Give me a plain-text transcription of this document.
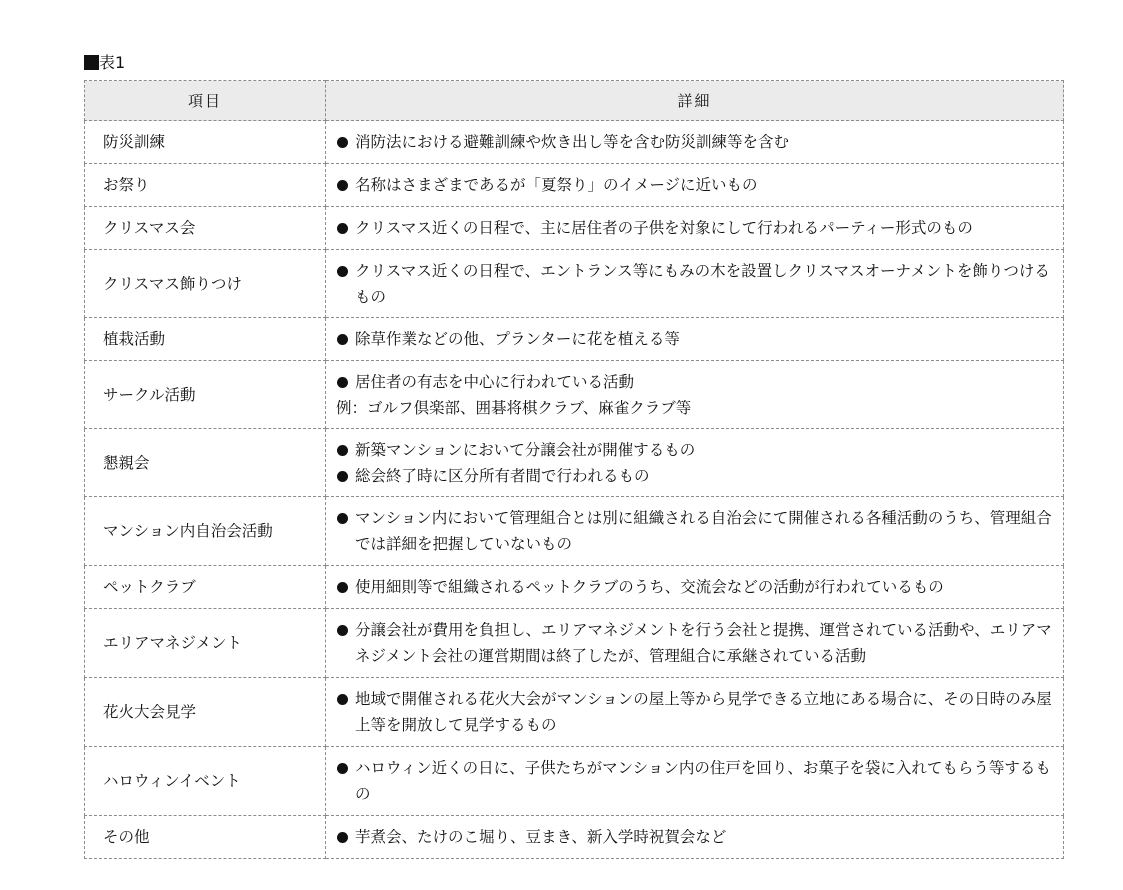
表1
項目	詳細
防災訓練	消防法における避難訓練や炊き出し等を含む防災訓練等を含む

お祭り	名称はさまざまであるが「夏祭り」のイメージに近いもの

クリスマス会	クリスマス近くの日程で、主に居住者の子供を対象にして行われるパーティー形式のもの

クリスマス飾りつけ	クリスマス近くの日程で、エントランス等にもみの木を設置しクリスマスオーナメントを飾りつけるもの

植栽活動	除草作業などの他、プランターに花を植える等

サークル活動	居住者の有志を中心に行われている活動
例：ゴルフ倶楽部、囲碁将棋クラブ、麻雀クラブ等

懇親会	新築マンションにおいて分譲会社が開催するもの
総会終了時に区分所有者間で行われるもの

マンション内自治会活動	マンション内において管理組合とは別に組織される自治会にて開催される各種活動のうち、管理組合では詳細を把握していないもの

ペットクラブ	使用細則等で組織されるペットクラブのうち、交流会などの活動が行われているもの

エリアマネジメント	分譲会社が費用を負担し、エリアマネジメントを行う会社と提携、運営されている活動や、エリアマネジメント会社の運営期間は終了したが、管理組合に承継されている活動

花火大会見学	地域で開催される花火大会がマンションの屋上等から見学できる立地にある場合に、その日時のみ屋上等を開放して見学するもの

ハロウィンイベント	ハロウィン近くの日に、子供たちがマンション内の住戸を回り、お菓子を袋に入れてもらう等するもの

その他	芋煮会、たけのこ堀り、豆まき、新入学時祝賀会など
